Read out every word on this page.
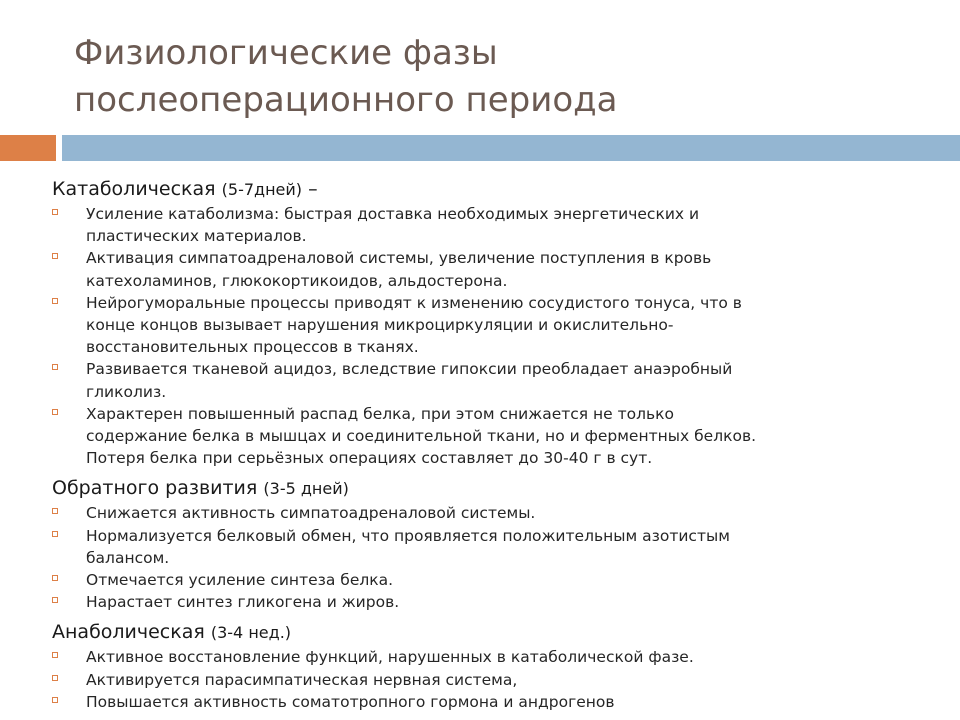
Физиологические фазы
послеоперационного периода
Катаболическая (5-7дней) –
Усиление катаболизма: быстрая доставка необходимых энергетических и
пластических материалов.
Активация симпатоадреналовой системы, увеличение поступления в кровь
катехоламинов, глюкокортикоидов, альдостерона.
Нейрогуморальные процессы приводят к изменению сосудистого тонуса, что в
конце концов вызывает нарушения микроциркуляции и окислительно-
восстановительных процессов в тканях.
Развивается тканевой ацидоз, вследствие гипоксии преобладает анаэробный
гликолиз.
Характерен повышенный распад белка, при этом снижается не только
содержание белка в мышцах и соединительной ткани, но и ферментных белков.
Потеря белка при серьёзных операциях составляет до 30-40 г в сут.
Обратного развития (3-5 дней)
Снижается активность симпатоадреналовой системы.
Нормализуется белковый обмен, что проявляется положительным азотистым
балансом.
Отмечается усиление синтеза белка.
Нарастает синтез гликогена и жиров.
Анаболическая (3-4 нед.)
Активное восстановление функций, нарушенных в катаболической фазе.
Активируется парасимпатическая нервная система,
Повышается активность соматотропного гормона и андрогенов
